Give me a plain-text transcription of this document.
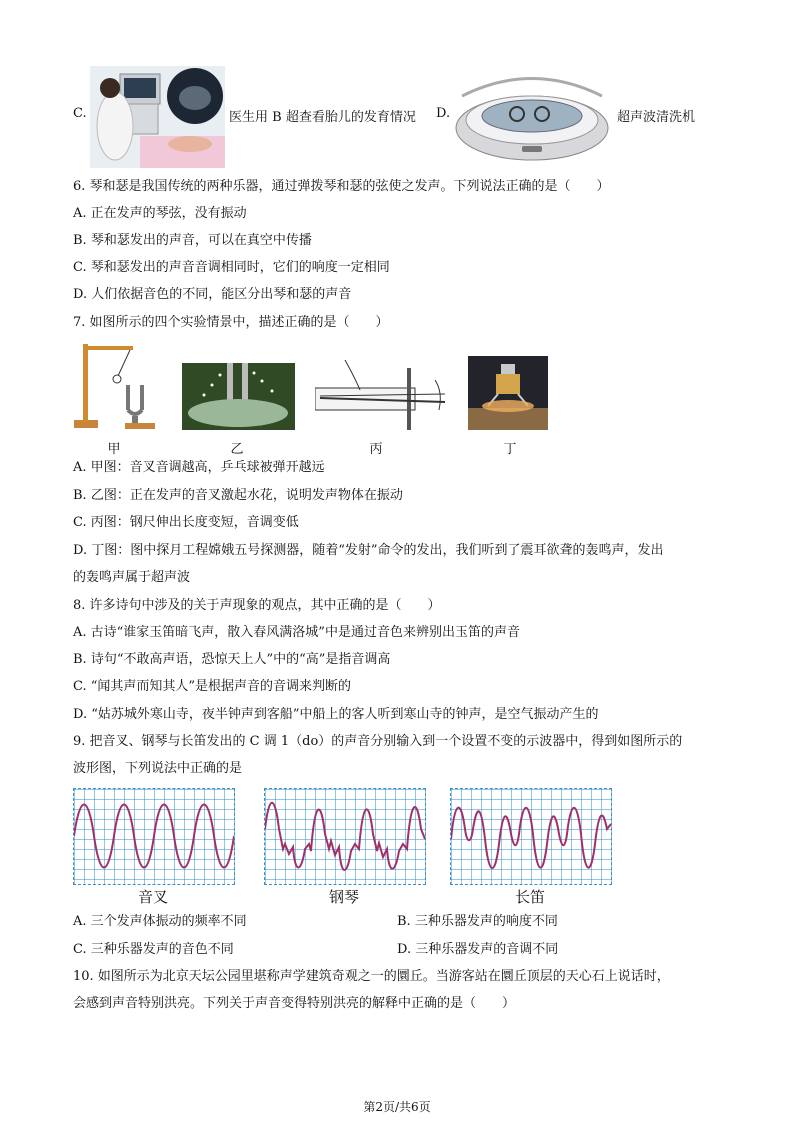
C.	医生用 B 超查看胎儿的发育情况 D.	超声波清洗机
6. 琴和瑟是我国传统的两种乐器，通过弹拨琴和瑟的弦使之发声。下列说法正确的是（　　）
A. 正在发声的琴弦，没有振动
B. 琴和瑟发出的声音，可以在真空中传播
C. 琴和瑟发出的声音音调相同时，它们的响度一定相同
D. 人们依据音色的不同，能区分出琴和瑟的声音
7. 如图所示的四个实验情景中，描述正确的是（　　）
甲	乙	丙	丁
A. 甲图：音叉音调越高，乒乓球被弹开越远
B. 乙图：正在发声的音叉激起水花，说明发声物体在振动
C. 丙图：钢尺伸出长度变短，音调变低
D. 丁图：图中探月工程嫦娥五号探测器，随着“发射”命令的发出，我们听到了震耳欲聋的轰鸣声，发出
的轰鸣声属于超声波
8. 许多诗句中涉及的关于声现象的观点，其中正确的是（　　）
A. 古诗“谁家玉笛暗飞声，散入春风满洛城”中是通过音色来辨别出玉笛的声音
B. 诗句“不敢高声语，恐惊天上人”中的“高”是指音调高
C. “闻其声而知其人”是根据声音的音调来判断的
D. “姑苏城外寒山寺，夜半钟声到客船”中船上的客人听到寒山寺的钟声，是空气振动产生的
9. 把音叉、钢琴与长笛发出的 C 调 1（do）的声音分别输入到一个设置不变的示波器中，得到如图所示的
波形图，下列说法中正确的是
音叉	钢琴	长笛
A. 三个发声体振动的频率不同	B. 三种乐器发声的响度不同
C. 三种乐器发声的音色不同	D. 三种乐器发声的音调不同
10. 如图所示为北京天坛公园里堪称声学建筑奇观之一的圜丘。当游客站在圜丘顶层的天心石上说话时，
会感到声音特别洪亮。下列关于声音变得特别洪亮的解释中正确的是（　　）
第2页/共6页
